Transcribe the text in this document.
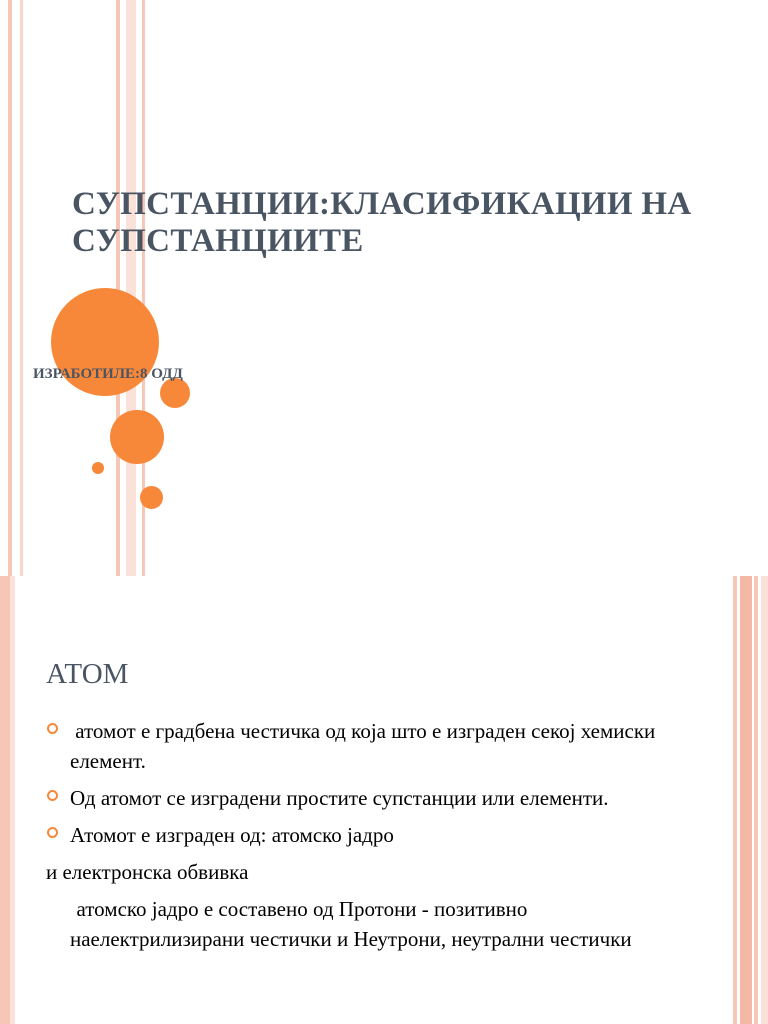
СУПСТАНЦИИ:КЛАСИФИКАЦИИ НА СУПСТАНЦИИТЕ
ИЗРАБОТИЛЕ:8 ОДД
АТОМ
атомот е градбена честичка од која што е изграден секој хемиски елемент.
Од атомот се изградени простите супстанции или елементи.
Атомот е изграден од: атомско јадро
и електронска обвивка
атомско јадро е составено од Протони - позитивно наелектрилизирани честички и Неутрони, неутрални честички
